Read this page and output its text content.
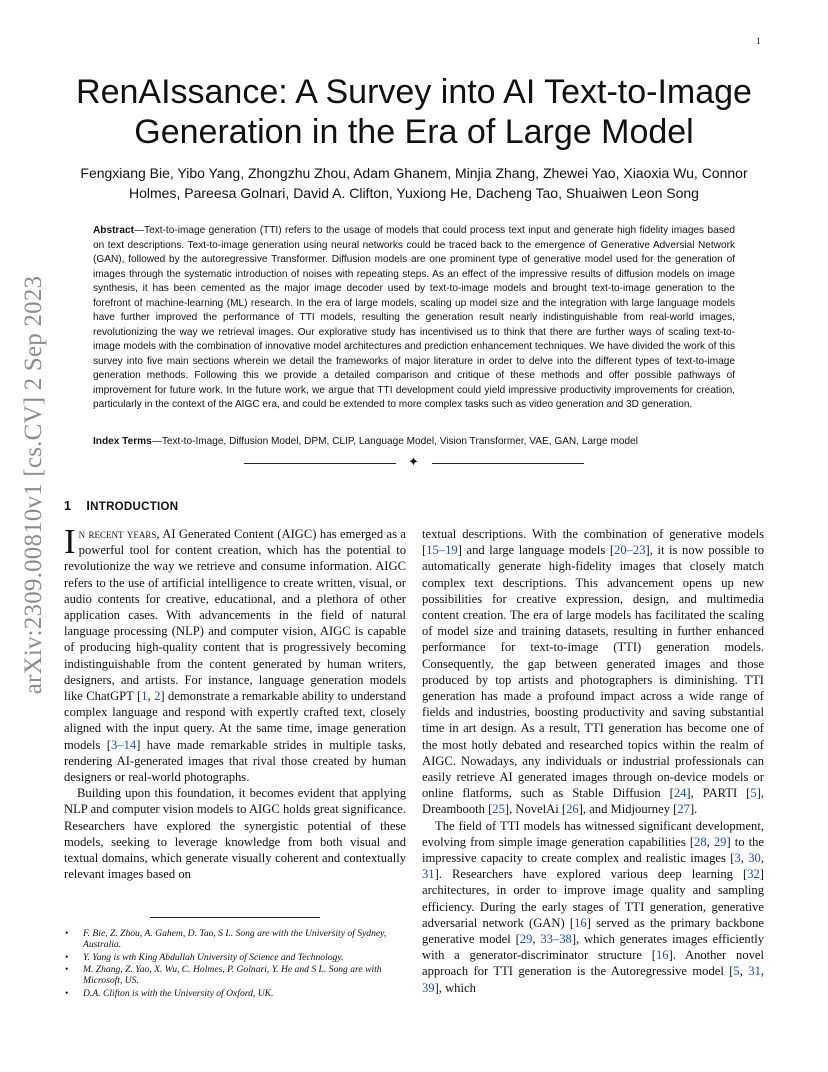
1
arXiv:2309.00810v1 [cs.CV] 2 Sep 2023
RenAIssance: A Survey into AI Text-to-Image Generation in the Era of Large Model
Fengxiang Bie, Yibo Yang, Zhongzhu Zhou, Adam Ghanem, Minjia Zhang, Zhewei Yao, Xiaoxia Wu, Connor Holmes, Pareesa Golnari, David A. Clifton, Yuxiong He, Dacheng Tao, Shuaiwen Leon Song
Abstract—Text-to-image generation (TTI) refers to the usage of models that could process text input and generate high fidelity images based on text descriptions. Text-to-image generation using neural networks could be traced back to the emergence of Generative Adversial Network (GAN), followed by the autoregressive Transformer. Diffusion models are one prominent type of generative model used for the generation of images through the systematic introduction of noises with repeating steps. As an effect of the impressive results of diffusion models on image synthesis, it has been cemented as the major image decoder used by text-to-image models and brought text-to-image generation to the forefront of machine-learning (ML) research. In the era of large models, scaling up model size and the integration with large language models have further improved the performance of TTI models, resulting the generation result nearly indistinguishable from real-world images, revolutionizing the way we retrieval images. Our explorative study has incentivised us to think that there are further ways of scaling text-to-image models with the combination of innovative model architectures and prediction enhancement techniques. We have divided the work of this survey into five main sections wherein we detail the frameworks of major literature in order to delve into the different types of text-to-image generation methods. Following this we provide a detailed comparison and critique of these methods and offer possible pathways of improvement for future work. In the future work, we argue that TTI development could yield impressive productivity improvements for creation, particularly in the context of the AIGC era, and could be extended to more complex tasks such as video generation and 3D generation.
Index Terms—Text-to-Image, Diffusion Model, DPM, CLIP, Language Model, Vision Transformer, VAE, GAN, Large model
✦
1 INTRODUCTION

In recent years, AI Generated Content (AIGC) has emerged as a powerful tool for content creation, which has the potential to revolutionize the way we retrieve and consume information. AIGC refers to the use of artificial intelligence to create written, visual, or audio contents for creative, educational, and a plethora of other application cases. With advancements in the field of natural language processing (NLP) and computer vision, AIGC is capable of producing high-quality content that is progressively becoming indistinguishable from the content generated by human writers, designers, and artists. For instance, language generation models like ChatGPT [1, 2] demonstrate a remarkable ability to understand complex language and respond with expertly crafted text, closely aligned with the input query. At the same time, image generation models [3–14] have made remarkable strides in multiple tasks, rendering AI-generated images that rival those created by human designers or real-world photographs.

Building upon this foundation, it becomes evident that applying NLP and computer vision models to AIGC holds great significance. Researchers have explored the synergistic potential of these models, seeking to leverage knowledge from both visual and textual domains, which generate visually coherent and contextually relevant images based on

textual descriptions. With the combination of generative models [15–19] and large language models [20–23], it is now possible to automatically generate high-fidelity images that closely match complex text descriptions. This advancement opens up new possibilities for creative expression, design, and multimedia content creation. The era of large models has facilitated the scaling of model size and training datasets, resulting in further enhanced performance for text-to-image (TTI) generation models. Consequently, the gap between generated images and those produced by top artists and photographers is diminishing. TTI generation has made a profound impact across a wide range of fields and industries, boosting productivity and saving substantial time in art design. As a result, TTI generation has become one of the most hotly debated and researched topics within the realm of AIGC. Nowadays, any individuals or industrial professionals can easily retrieve AI generated images through on-device models or online flatforms, such as Stable Diffusion [24], PARTI [5], Dreambooth [25], NovelAi [26], and Midjourney [27].

The field of TTI models has witnessed significant development, evolving from simple image generation capabilities [28, 29] to the impressive capacity to create complex and realistic images [3, 30, 31]. Researchers have explored various deep learning [32] architectures, in order to improve image quality and sampling efficiency. During the early stages of TTI generation, generative adversarial network (GAN) [16] served as the primary backbone generative model [29, 33–38], which generates images efficiently with a generator-discriminator structure [16]. Another novel approach for TTI generation is the Autoregressive model [5, 31, 39], which

• F. Bie, Z. Zhou, A. Gahem, D. Tao, S L. Song are with the University of Sydney, Australia.
• Y. Yang is wth King Abdullah University of Science and Technology.
• M. Zhang, Z. Yao, X. Wu, C. Holmes, P. Golnari, Y. He and S L. Song are with Microsoft, US.
• D.A. Clifton is with the University of Oxford, UK.
